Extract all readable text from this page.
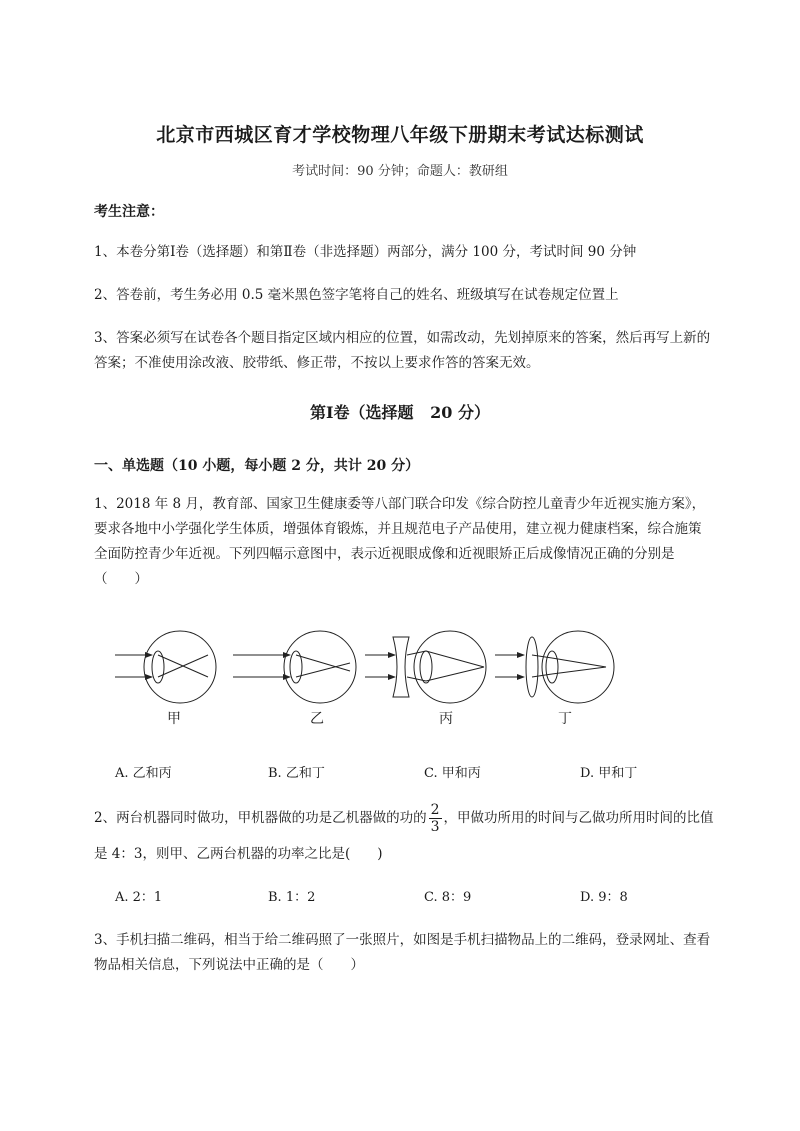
北京市西城区育才学校物理八年级下册期末考试达标测试
考试时间：90 分钟；命题人：教研组
考生注意：
1、本卷分第Ⅰ卷（选择题）和第Ⅱ卷（非选择题）两部分，满分 100 分，考试时间 90 分钟
2、答卷前，考生务必用 0.5 毫米黑色签字笔将自己的姓名、班级填写在试卷规定位置上
3、答案必须写在试卷各个题目指定区域内相应的位置，如需改动，先划掉原来的答案，然后再写上新的答案；不准使用涂改液、胶带纸、修正带，不按以上要求作答的答案无效。
第Ⅰ卷（选择题   20 分）
一、单选题（10 小题，每小题 2 分，共计 20 分）
1、2018 年 8 月，教育部、国家卫生健康委等八部门联合印发《综合防控儿童青少年近视实施方案》，要求各地中小学强化学生体质，增强体育锻炼，并且规范电子产品使用，建立视力健康档案，综合施策全面防控青少年近视。下列四幅示意图中，表示近视眼成像和近视眼矫正后成像情况正确的分别是（　　）
甲	乙	丙	丁
A. 乙和丙	B. 乙和丁	C. 甲和丙	D. 甲和丁
2、两台机器同时做功，甲机器做的功是乙机器做的功的 $\frac{2}{3}$ ，甲做功所用的时间与乙做功所用时间的比值是 4：3，则甲、乙两台机器的功率之比是(　　)
A. 2：1	B. 1：2	C. 8：9	D. 9：8
3、手机扫描二维码，相当于给二维码照了一张照片，如图是手机扫描物品上的二维码，登录网址、查看物品相关信息，下列说法中正确的是（　　）
